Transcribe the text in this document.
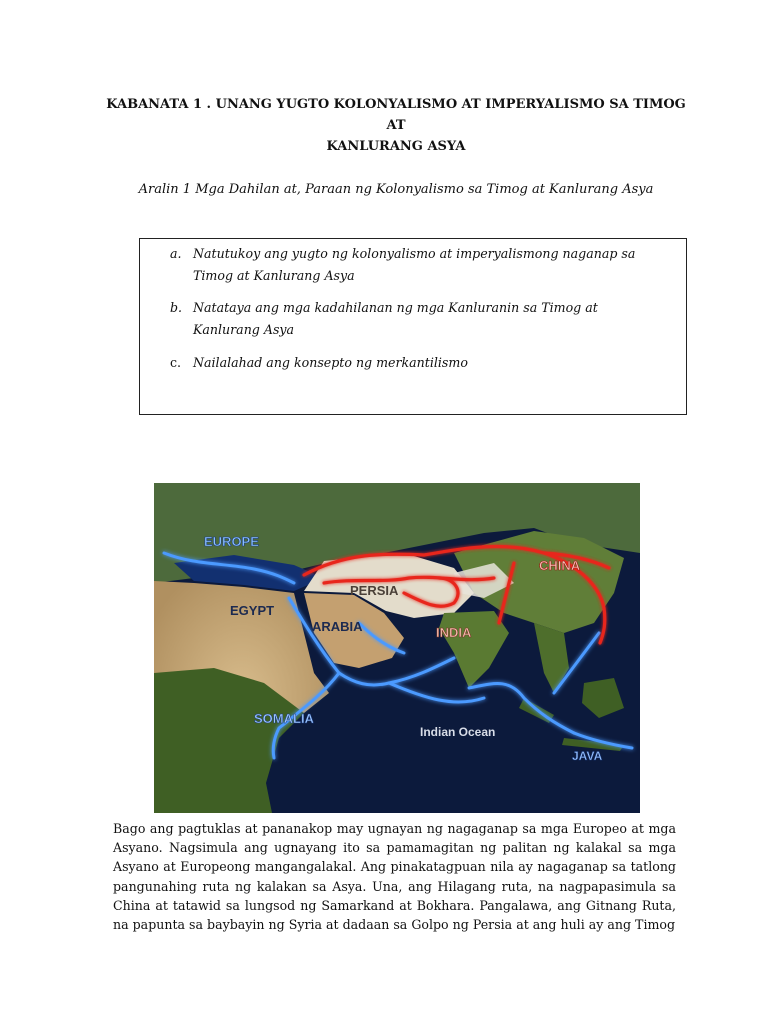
KABANATA 1 . UNANG YUGTO KOLONYALISMO AT IMPERYALISMO SA TIMOG AT
KANLURANG ASYA
Aralin 1 Mga Dahilan at, Paraan ng Kolonyalismo sa Timog at Kanlurang Asya
a. Natutukoy ang yugto ng kolonyalismo at imperyalismong naganap sa Timog at Kanlurang Asya
b. Natataya ang mga kadahilanan ng mga Kanluranin sa Timog at Kanlurang Asya
c. Nailalahad ang konsepto ng merkantilismo
EUROPE
EGYPT
ARABIA
PERSIA
CHINA
INDIA
SOMALIA
Indian Ocean
JAVA
Bago ang pagtuklas at pananakop may ugnayan ng nagaganap sa mga Europeo at mga Asyano. Nagsimula ang ugnayang ito sa pamamagitan ng palitan ng kalakal sa mga Asyano at Europeong mangangalakal. Ang pinakatagpuan nila ay nagaganap sa tatlong pangunahing ruta ng kalakan sa Asya. Una, ang Hilagang ruta, na nagpapasimula sa China at tatawid sa lungsod ng Samarkand at Bokhara. Pangalawa, ang Gitnang Ruta, na papunta sa baybayin ng Syria at dadaan sa Golpo ng Persia at ang huli ay ang Timog
